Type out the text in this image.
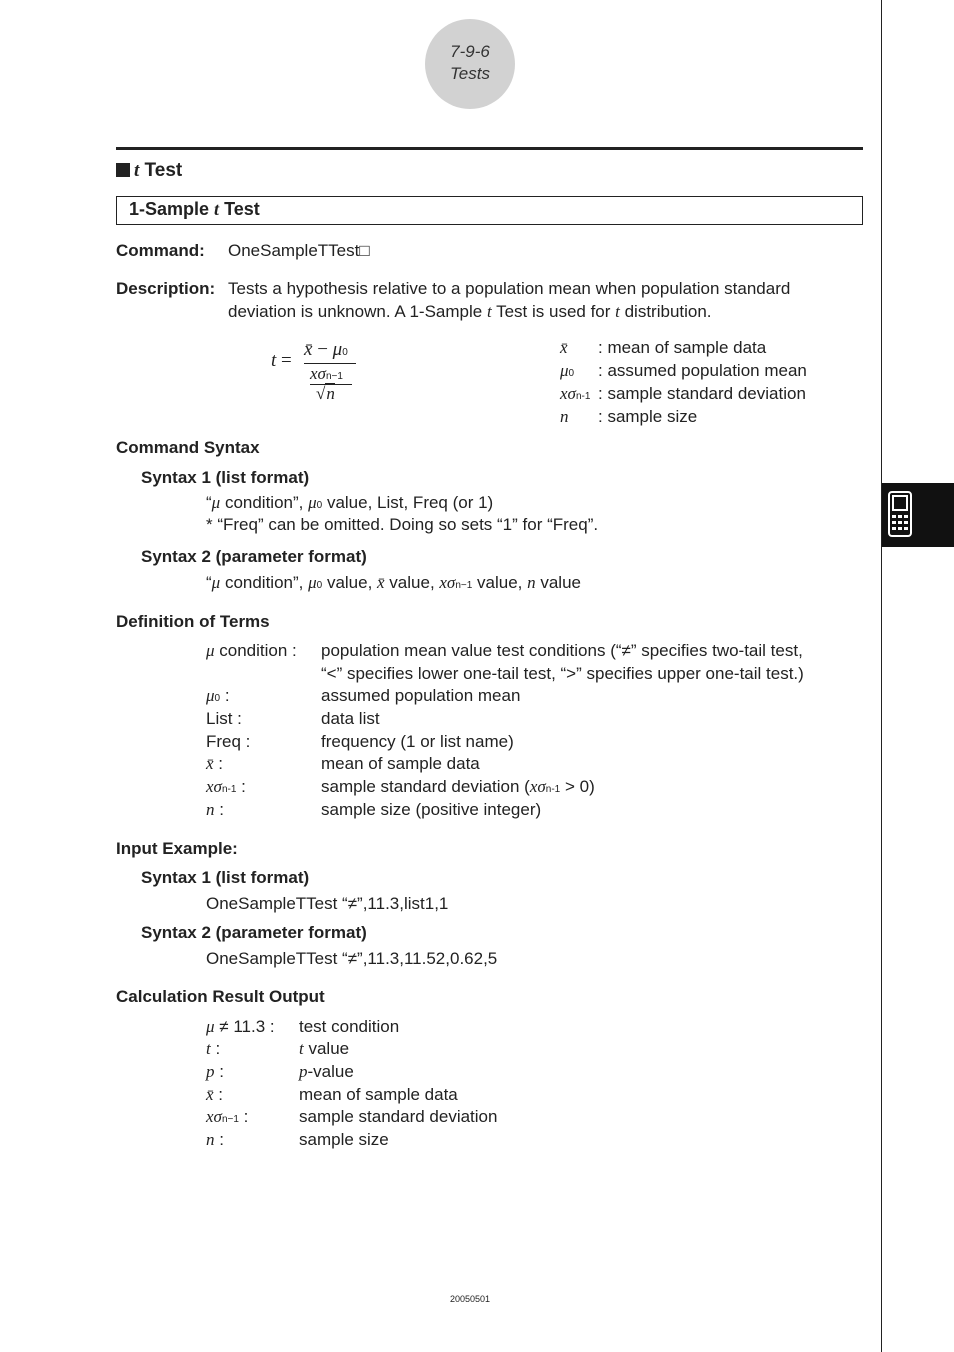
7-9-6
Tests
t Test
1-Sample t Test
Command: OneSampleTTest□
Description: Tests a hypothesis relative to a population mean when population standard
deviation is unknown. A 1-Sample t Test is used for t distribution.
t =
x̄ − μ0
xσn−1
√n
x̄ : mean of sample data
μ0 : assumed population mean
xσn-1 : sample standard deviation
n : sample size
Command Syntax
Syntax 1 (list format)
“μ condition”, μ0 value, List, Freq (or 1)
* “Freq” can be omitted. Doing so sets “1” for “Freq”.
Syntax 2 (parameter format)
“μ condition”, μ0 value, x̄ value, xσn−1 value, n value
Definition of Terms
μ condition : population mean value test conditions (“≠” specifies two-tail test,
“<” specifies lower one-tail test, “>” specifies upper one-tail test.)
μ0 :	assumed population mean
List :	data list
Freq :	frequency (1 or list name)
x̄ :	mean of sample data
xσn-1 :	sample standard deviation (xσn-1 > 0)
n :	sample size (positive integer)
Input Example:
Syntax 1 (list format)
OneSampleTTest “≠”,11.3,list1,1
Syntax 2 (parameter format)
OneSampleTTest “≠”,11.3,11.52,0.62,5
Calculation Result Output
μ ≠ 11.3 : test condition
t :	t value
p :	p-value
x̄ :	mean of sample data
xσn−1 :	sample standard deviation
n :	sample size
20050501
